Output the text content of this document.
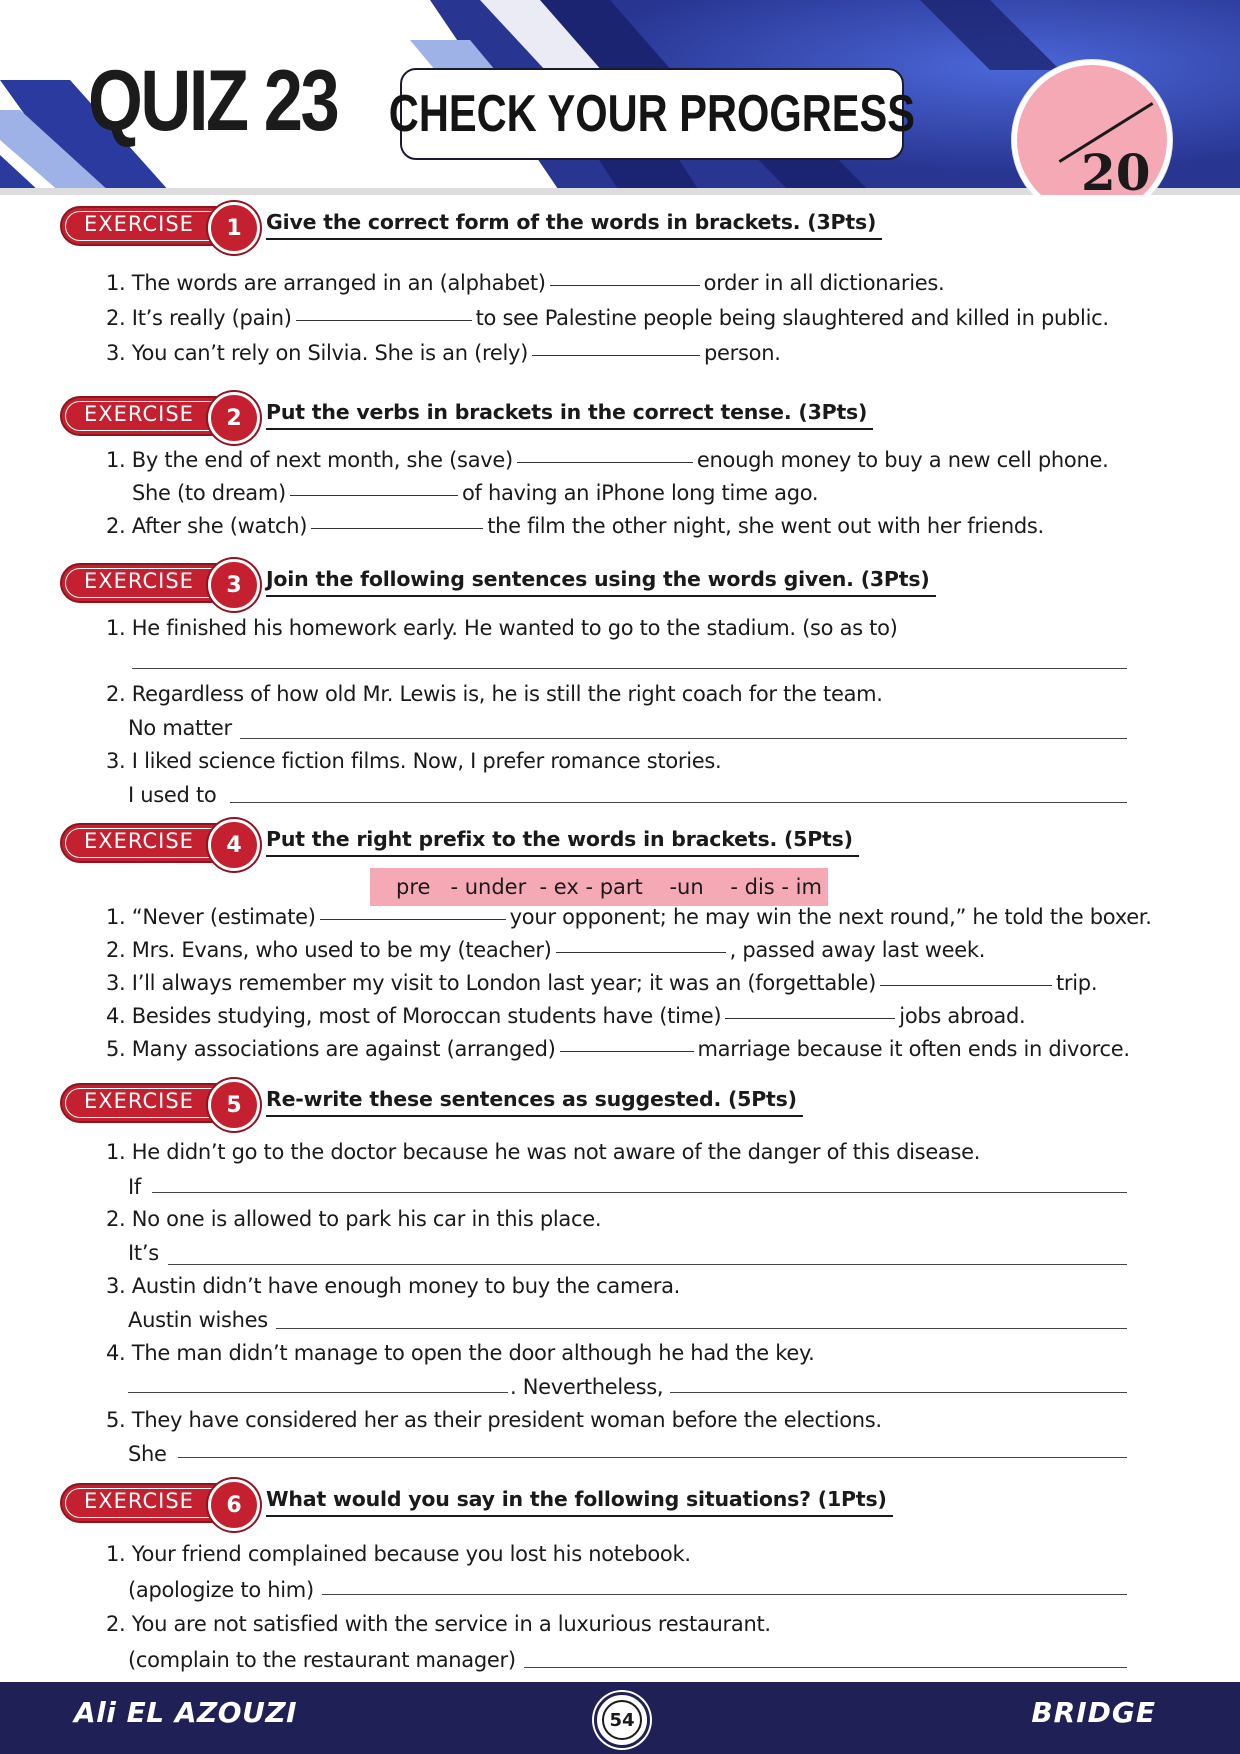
QUIZ 23 CHECK YOUR PROGRESS
20
EXERCISE	1	Give the correct form of the words in brackets. (3Pts)
1. The words are arranged in an (alphabet)	order in all dictionaries.
2. It’s really (pain)	to see Palestine people being slaughtered and killed in public.
3. You can’t rely on Silvia. She is an (rely)	person.
EXERCISE	2	Put the verbs in brackets in the correct tense. (3Pts)
1. By the end of next month, she (save)	enough money to buy a new cell phone.
She (to dream)	of having an iPhone long time ago.
2. After she (watch)	the film the other night, she went out with her friends.
EXERCISE	3	Join the following sentences using the words given. (3Pts)
1. He finished his homework early. He wanted to go to the stadium. (so as to)
2. Regardless of how old Mr. Lewis is, he is still the right coach for the team.
No matter
3. I liked science fiction films. Now, I prefer romance stories.
I used to
EXERCISE	4	Put the right prefix to the words in brackets. (5Pts)
pre   - under  - ex - part    -un    - dis - im
1. “Never (estimate)	your opponent; he may win the next round,” he told the boxer.
2. Mrs. Evans, who used to be my (teacher)	, passed away last week.
3. I’ll always remember my visit to London last year; it was an (forgettable)	trip.
4. Besides studying, most of Moroccan students have (time)	jobs abroad.
5. Many associations are against (arranged)	marriage because it often ends in divorce.
EXERCISE	5	Re-write these sentences as suggested. (5Pts)
1. He didn’t go to the doctor because he was not aware of the danger of this disease.
If
2. No one is allowed to park his car in this place.
It’s
3. Austin didn’t have enough money to buy the camera.
Austin wishes
4. The man didn’t manage to open the door although he had the key.
. Nevertheless,
5. They have considered her as their president woman before the elections.
She
EXERCISE	6	What would you say in the following situations? (1Pts)
1. Your friend complained because you lost his notebook.
(apologize to him)
2. You are not satisfied with the service in a luxurious restaurant.
(complain to the restaurant manager)
Ali EL AZOUZI	54	BRIDGE
